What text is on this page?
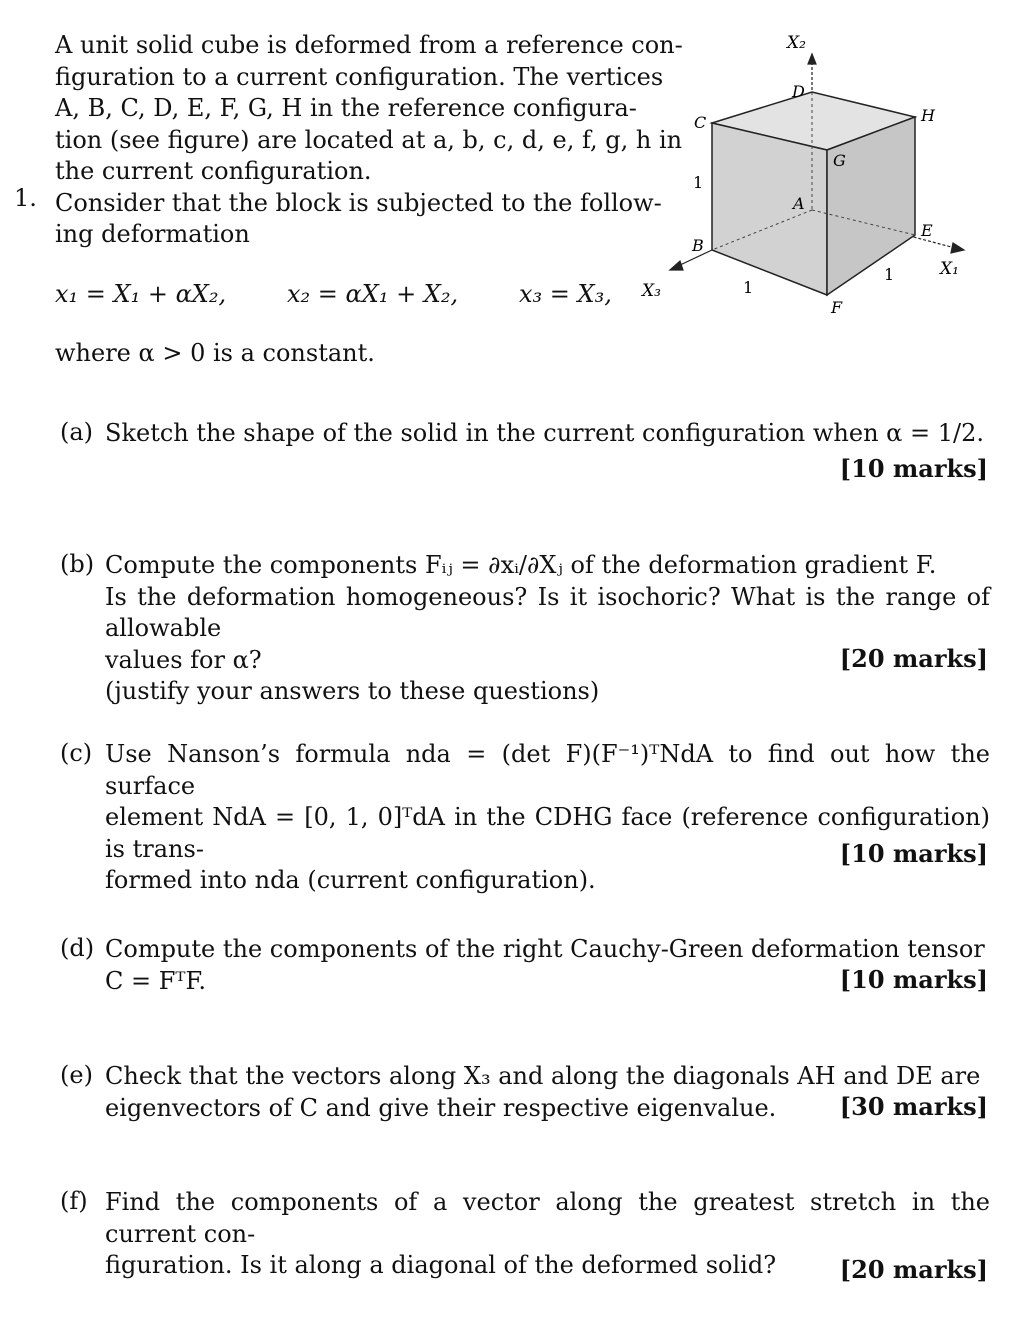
1.
A unit solid cube is deformed from a reference con-
figuration to a current configuration. The vertices
A, B, C, D, E, F, G, H in the reference configura-
tion (see figure) are located at a, b, c, d, e, f, g, h in
the current configuration.
Consider that the block is subjected to the follow-
ing deformation
x₁ = X₁ + αX₂,	x₂ = αX₁ + X₂,	x₃ = X₃,
where α > 0 is a constant.
X₂
X₁
X₃
D
C	H
G
A
E
B
F
1
1
1
(a) Sketch the shape of the solid in the current configuration when α = 1/2.
[10 marks]
(b) Compute the components Fᵢⱼ = ∂xᵢ/∂Xⱼ of the deformation gradient F.
Is the deformation homogeneous? Is it isochoric? What is the range of allowable
values for α?
(justify your answers to these questions)
[20 marks]
(c) Use Nanson’s formula nda = (det F)(F⁻¹)ᵀNdA to find out how the surface
element NdA = [0, 1, 0]ᵀdA in the CDHG face (reference configuration) is trans-
formed into nda (current configuration).
[10 marks]
(d) Compute the components of the right Cauchy-Green deformation tensor
C = FᵀF.	[10 marks]
(e) Check that the vectors along X₃ and along the diagonals AH and DE are
eigenvectors of C and give their respective eigenvalue.	[30 marks]
(f) Find the components of a vector along the greatest stretch in the current con-
figuration. Is it along a diagonal of the deformed solid?	[20 marks]
